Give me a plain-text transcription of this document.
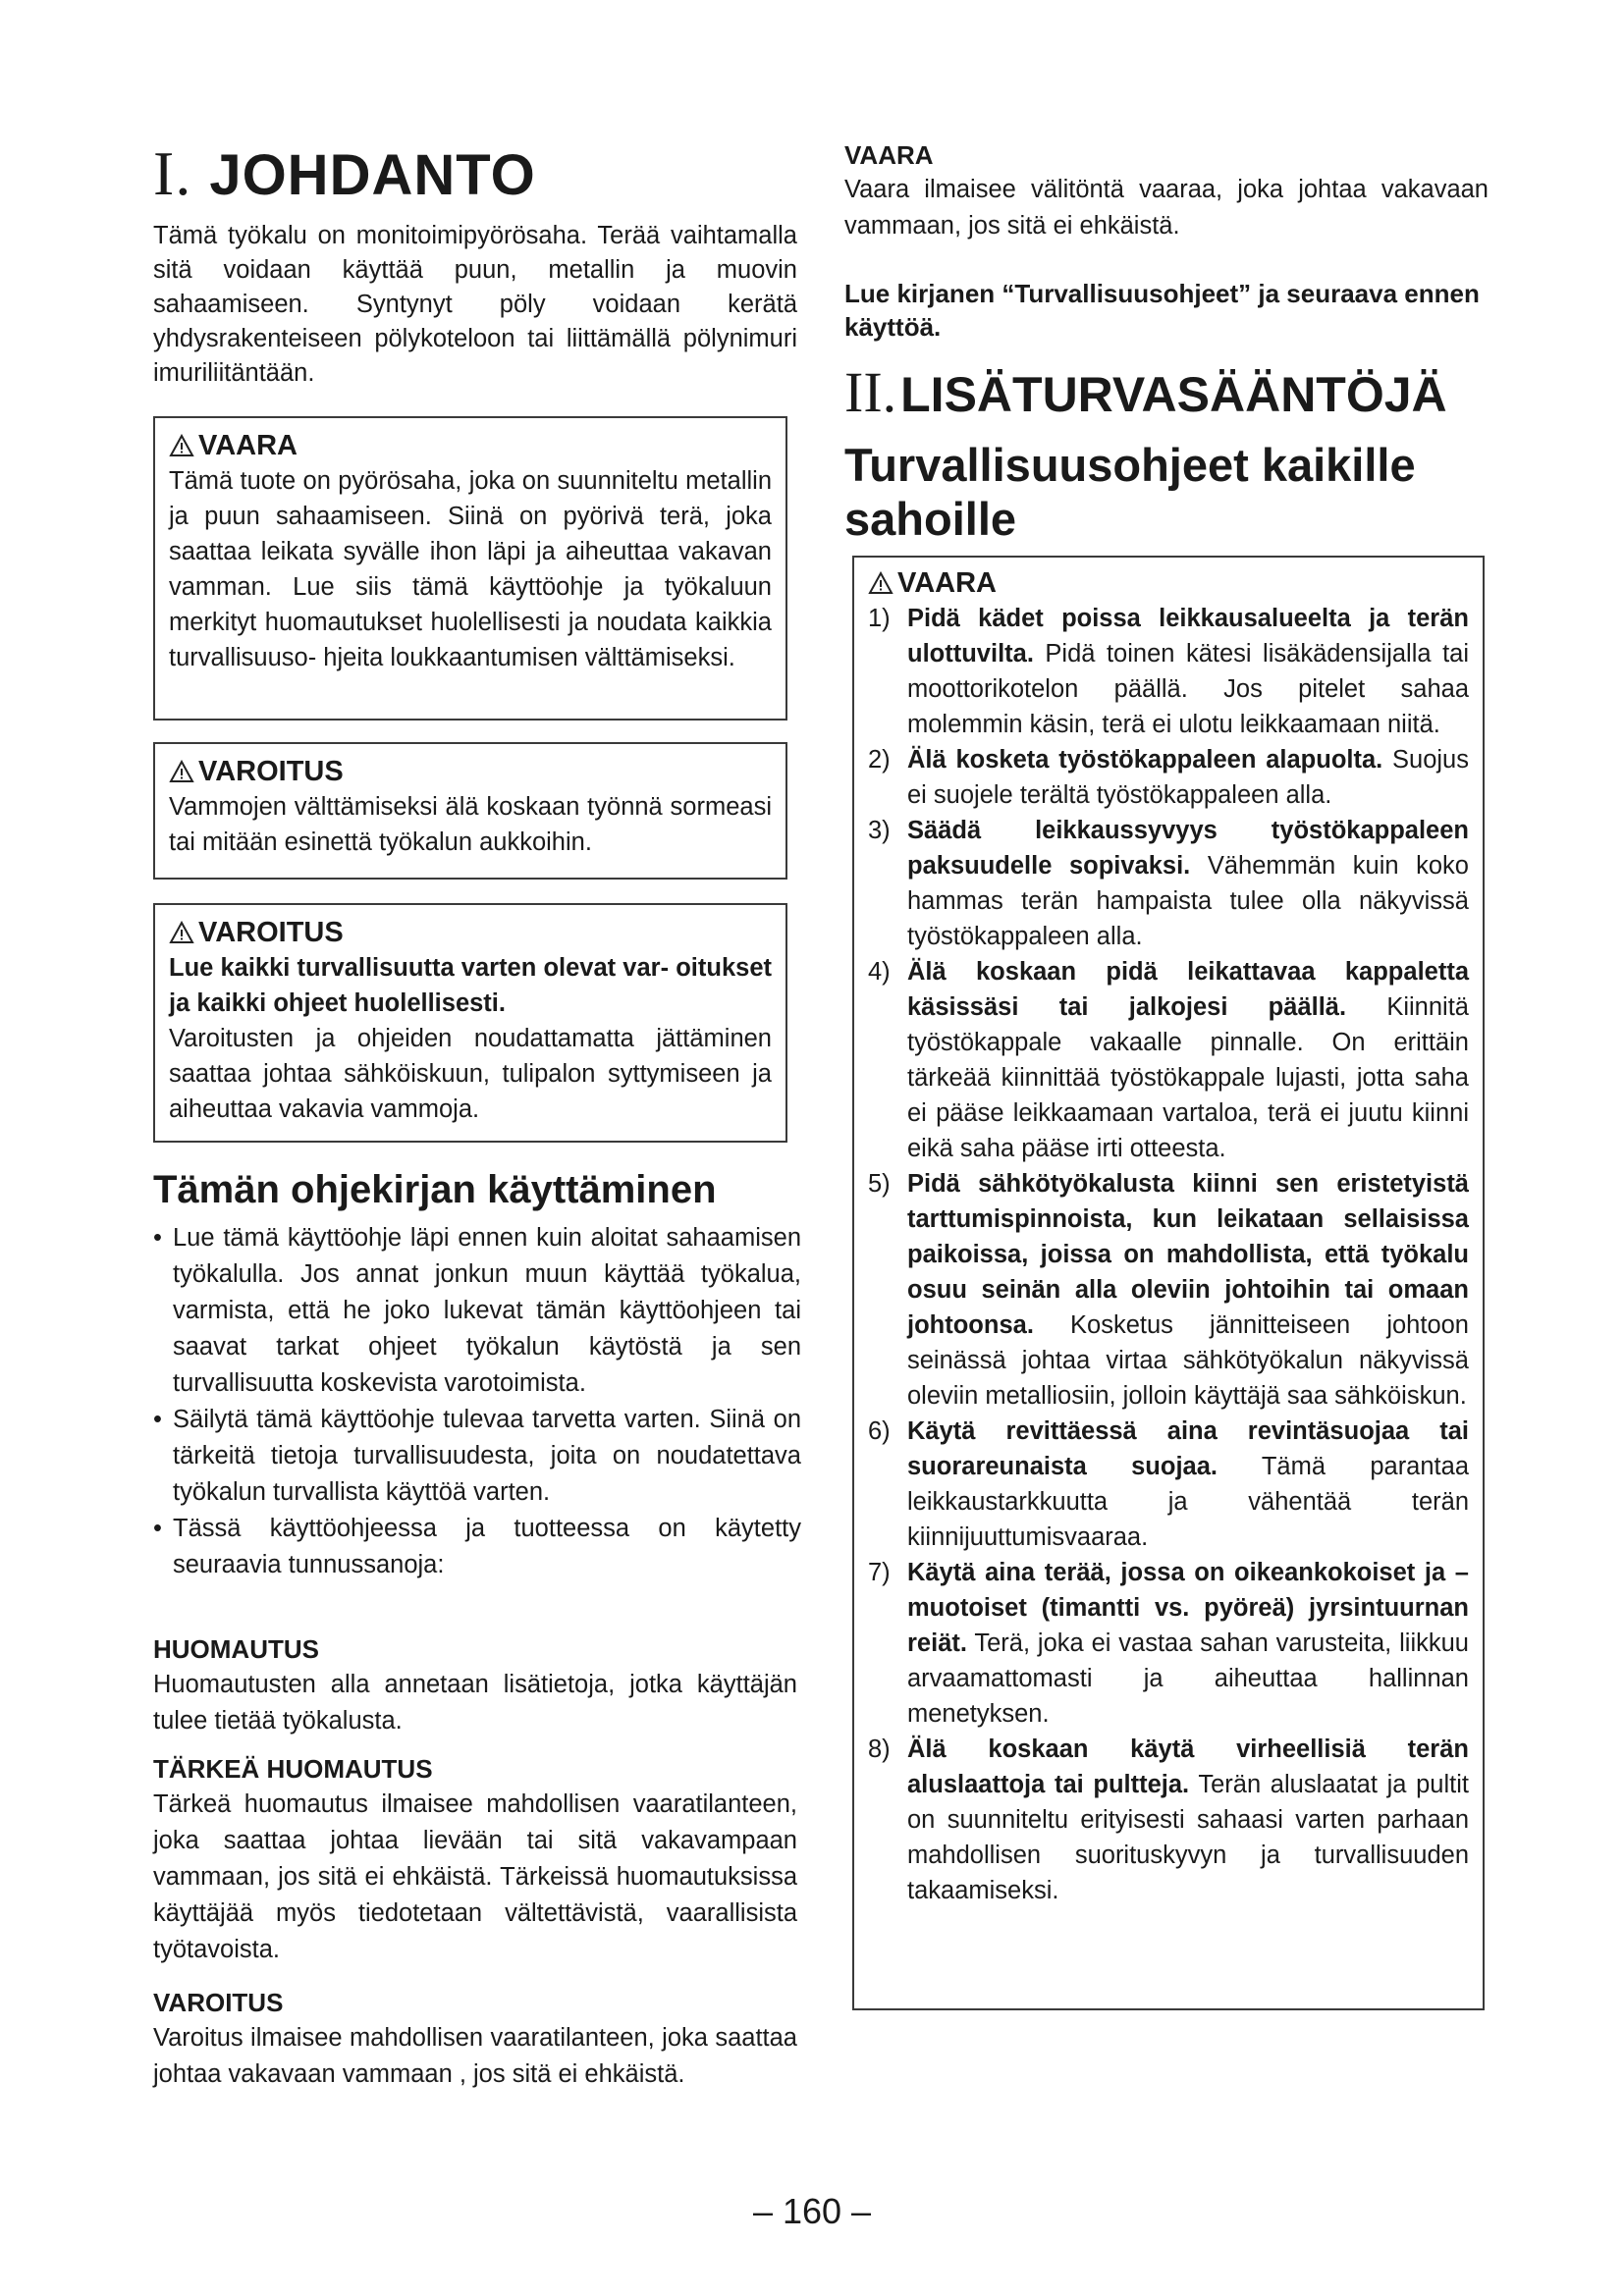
I. JOHDANTO
Tämä työkalu on monitoimipyörösaha. Terää vaihtamalla sitä voidaan käyttää puun, metallin ja muovin sahaamiseen. Syntynyt pöly voidaan kerätä yhdysrakenteiseen pölykoteloon tai liittämällä pölynimuri imuriliitäntään.
VAARA

Tämä tuote on pyörösaha, joka on suunniteltu metallin ja puun sahaamiseen. Siinä on pyörivä terä, joka saattaa leikata syvälle ihon läpi ja aiheuttaa vakavan vamman. Lue siis tämä käyttöohje ja työkaluun merkityt huomautukset huolellisesti ja noudata kaikkia turvallisuuso- hjeita loukkaantumisen välttämiseksi.

VAROITUS

Vammojen välttämiseksi älä koskaan työnnä sormeasi tai mitään esinettä työkalun aukkoihin.

VAROITUS

Lue kaikki turvallisuutta varten olevat var- oitukset ja kaikki ohjeet huolellisesti.

Varoitusten ja ohjeiden noudattamatta jättäminen saattaa johtaa sähköiskuun, tulipalon syttymiseen ja aiheuttaa vakavia vammoja.

Tämän ohjekirjan käyttäminen
• Lue tämä käyttöohje läpi ennen kuin aloitat sahaamisen työkalulla. Jos annat jonkun muun käyttää työkalua, varmista, että he joko lukevat tämän käyttöohjeen tai saavat tarkat ohjeet työkalun käytöstä ja sen turvallisuutta koskevista varotoimista.
• Säilytä tämä käyttöohje tulevaa tarvetta varten. Siinä on tärkeitä tietoja turvallisuudesta, joita on noudatettava työkalun turvallista käyttöä varten.
• Tässä käyttöohjeessa ja tuotteessa on käytetty seuraavia tunnussanoja:
HUOMAUTUS
Huomautusten alla annetaan lisätietoja, jotka käyttäjän tulee tietää työkalusta.
TÄRKEÄ HUOMAUTUS
Tärkeä huomautus ilmaisee mahdollisen vaaratilanteen, joka saattaa johtaa lievään tai sitä vakavampaan vammaan, jos sitä ei ehkäistä. Tärkeissä huomautuksissa käyttäjää myös tiedotetaan vältettävistä, vaarallisista työtavoista.
VAROITUS
Varoitus ilmaisee mahdollisen vaaratilanteen, joka saattaa johtaa vakavaan vammaan , jos sitä ei ehkäistä.
VAARA
Vaara ilmaisee välitöntä vaaraa, joka johtaa vakavaan vammaan, jos sitä ei ehkäistä.
Lue kirjanen “Turvallisuusohjeet” ja seuraava ennen käyttöä.
II.LISÄTURVASÄÄNTÖJÄ
Turvallisuusohjeet kaikille sahoille
VAARA
1) Pidä kädet poissa leikkausalueelta ja terän ulottuvilta. Pidä toinen kätesi lisäkädensijalla tai moottorikotelon päällä. Jos pitelet sahaa molemmin käsin, terä ei ulotu leikkaamaan niitä.
2) Älä kosketa työstökappaleen alapuolta. Suojus ei suojele terältä työstökappaleen alla.
3) Säädä leikkaussyvyys työstökappaleen paksuudelle sopivaksi. Vähemmän kuin koko hammas terän hampaista tulee olla näkyvissä työstökappaleen alla.
4) Älä koskaan pidä leikattavaa kappaletta käsissäsi tai jalkojesi päällä. Kiinnitä työstökappale vakaalle pinnalle. On erittäin tärkeää kiinnittää työstökappale lujasti, jotta saha ei pääse leikkaamaan vartaloa, terä ei juutu kiinni eikä saha pääse irti otteesta.
5) Pidä sähkötyökalusta kiinni sen eristetyistä tarttumispinnoista, kun leikataan sellaisissa paikoissa, joissa on mahdollista, että työkalu osuu seinän alla oleviin johtoihin tai omaan johtoonsa. Kosketus jännitteiseen johtoon seinässä johtaa virtaa sähkötyökalun näkyvissä oleviin metalliosiin, jolloin käyttäjä saa sähköiskun.
6) Käytä revittäessä aina revintäsuojaa tai suorareunaista suojaa. Tämä parantaa leikkaustarkkuutta ja vähentää terän kiinnijuuttumisvaaraa.
7) Käytä aina terää, jossa on oikeankokoiset ja –muotoiset (timantti vs. pyöreä) jyrsintuurnan reiät. Terä, joka ei vastaa sahan varusteita, liikkuu arvaamattomasti ja aiheuttaa hallinnan menetyksen.
8) Älä koskaan käytä virheellisiä terän aluslaattoja tai pultteja. Terän aluslaatat ja pultit on suunniteltu erityisesti sahaasi varten parhaan mahdollisen suorituskyvyn ja turvallisuuden takaamiseksi.
– 160 –
